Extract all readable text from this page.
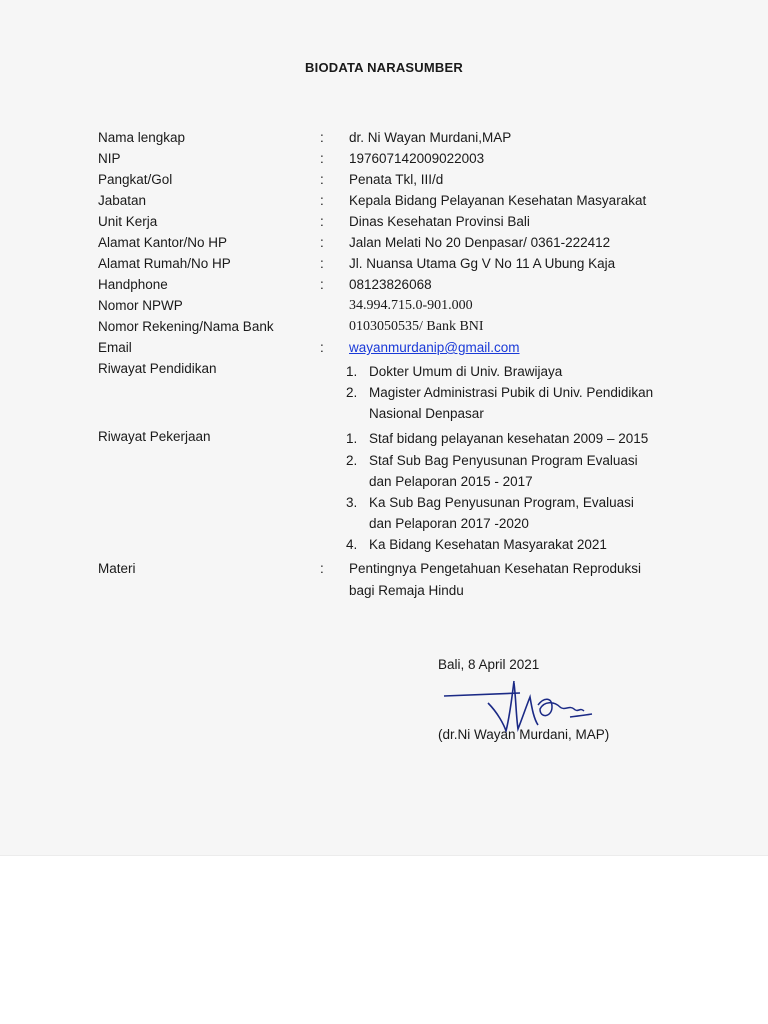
BIODATA NARASUMBER
Nama lengkap	: dr. Ni Wayan Murdani,MAP
NIP	: 197607142009022003
Pangkat/Gol	: Penata Tkl, III/d
Jabatan	: Kepala Bidang Pelayanan Kesehatan Masyarakat
Unit Kerja	: Dinas Kesehatan Provinsi Bali
Alamat Kantor/No HP	: Jalan Melati No 20 Denpasar/ 0361-222412
Alamat Rumah/No HP	: Jl. Nuansa Utama Gg V No 11 A Ubung Kaja
Handphone	: 08123826068
Nomor NPWP	34.994.715.0-901.000
Nomor Rekening/Nama Bank	0103050535/ Bank BNI
Email	: wayanmurdanip@gmail.com
Riwayat Pendidikan	1. Dokter Umum di Univ. Brawijaya
2. Magister Administrasi Pubik di Univ. Pendidikan
Nasional Denpasar
Riwayat Pekerjaan	1. Staf bidang pelayanan kesehatan 2009 – 2015
2. Staf Sub Bag Penyusunan Program Evaluasi
dan Pelaporan 2015 - 2017
3. Ka Sub Bag Penyusunan Program, Evaluasi
dan Pelaporan 2017 -2020
4. Ka Bidang Kesehatan Masyarakat 2021
Materi	: Pentingnya Pengetahuan Kesehatan Reproduksi
bagi Remaja Hindu
Bali, 8 April 2021
(dr.Ni Wayan Murdani, MAP)
